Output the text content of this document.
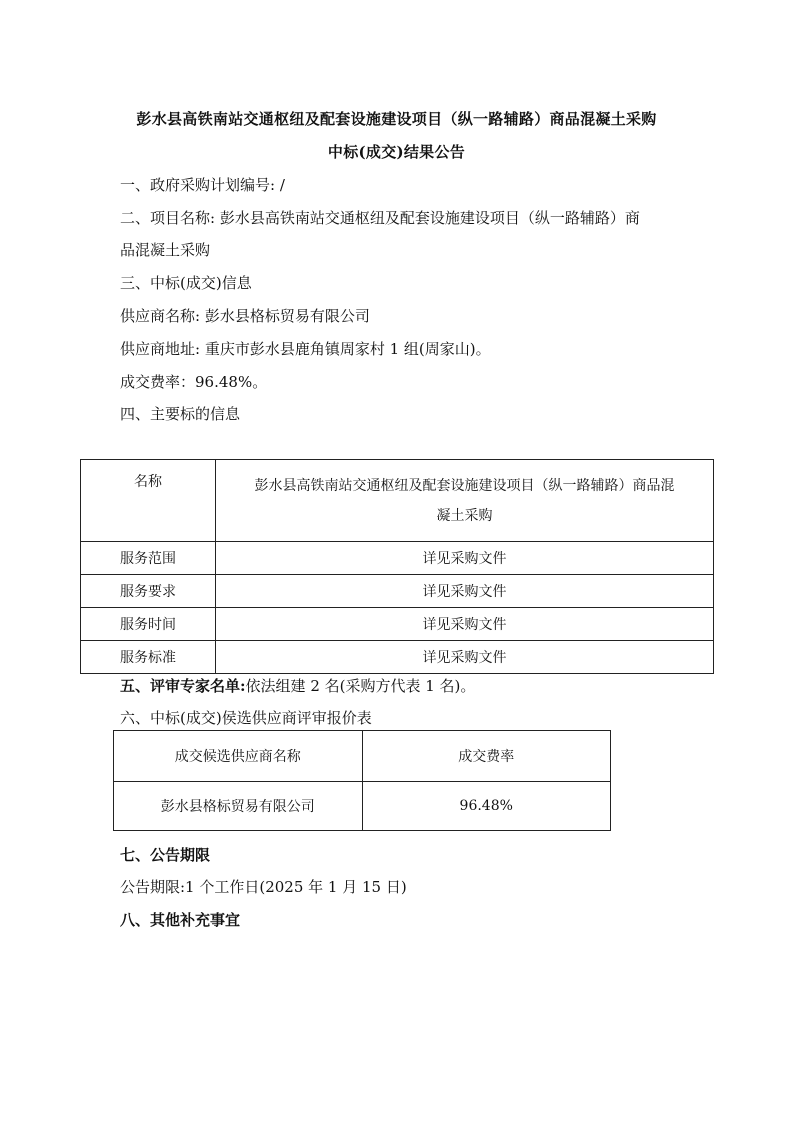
彭水县高铁南站交通枢纽及配套设施建设项目（纵一路辅路）商品混凝土采购
中标(成交)结果公告
一、政府采购计划编号: /
二、项目名称: 彭水县高铁南站交通枢纽及配套设施建设项目（纵一路辅路）商
品混凝土采购
三、中标(成交)信息
供应商名称: 彭水县格标贸易有限公司
供应商地址: 重庆市彭水县鹿角镇周家村 1 组(周家山)。
成交费率：96.48%。
四、主要标的信息
名称	彭水县高铁南站交通枢纽及配套设施建设项目（纵一路辅路）商品混
凝土采购

服务范围	详见采购文件
服务要求	详见采购文件
服务时间	详见采购文件
服务标准	详见采购文件
五、评审专家名单:依法组建 2 名(采购方代表 1 名)。
六、中标(成交)侯选供应商评审报价表
成交候选供应商名称	成交费率
彭水县格标贸易有限公司	96.48%
七、公告期限
公告期限:1 个工作日(2025 年 1 月 15 日)
八、其他补充事宜
